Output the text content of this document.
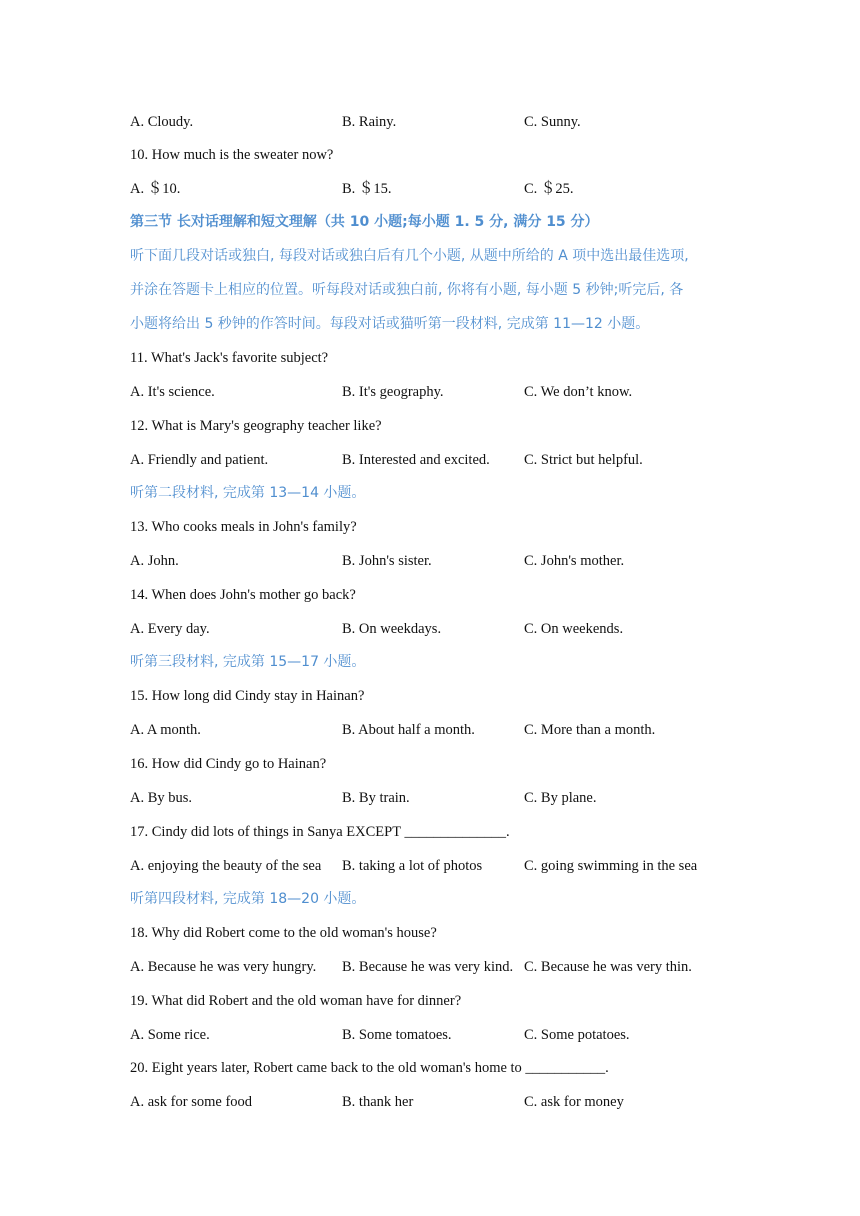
A. Cloudy.	B. Rainy.	C. Sunny.
10. How much is the sweater now?
A. ＄10.	B. ＄15.	C. ＄25.
第三节 长对话理解和短文理解（共 10 小题;每小题 1. 5 分, 满分 15 分）
听下面几段对话或独白, 每段对话或独白后有几个小题, 从题中所给的 A 项中选出最佳选项,
并涂在答题卡上相应的位置。听每段对话或独白前, 你将有小题, 每小题 5 秒钟;听完后, 各
小题将给出 5 秒钟的作答时间。每段对话或猫听第一段材料, 完成第 11—12 小题。
11. What's Jack's favorite subject?
A. It's science.	B. It's geography.	C. We don’t know.
12. What is Mary's geography teacher like?
A. Friendly and patient.	B. Interested and excited. C. Strict but helpful.
听第二段材料, 完成第 13—14 小题。
13. Who cooks meals in John's family?
A. John.	B. John's sister.	C. John's mother.
14. When does John's mother go back?
A. Every day.	B. On weekdays.	C. On weekends.
听第三段材料, 完成第 15—17 小题。
15. How long did Cindy stay in Hainan?
A. A month.	B. About half a month.	C. More than a month.
16. How did Cindy go to Hainan?
A. By bus.	B. By train.	C. By plane.
17. Cindy did lots of things in Sanya EXCEPT ______________.
A. enjoying the beauty of the sea B. taking a lot of photos	C. going swimming in the sea
听第四段材料, 完成第 18—20 小题。
18. Why did Robert come to the old woman's house?
A. Because he was very hungry. B. Because he was very kind. C. Because he was very thin.
19. What did Robert and the old woman have for dinner?
A. Some rice.	B. Some tomatoes.	C. Some potatoes.
20. Eight years later, Robert came back to the old woman's home to ___________.
A. ask for some food	B. thank her	C. ask for money
